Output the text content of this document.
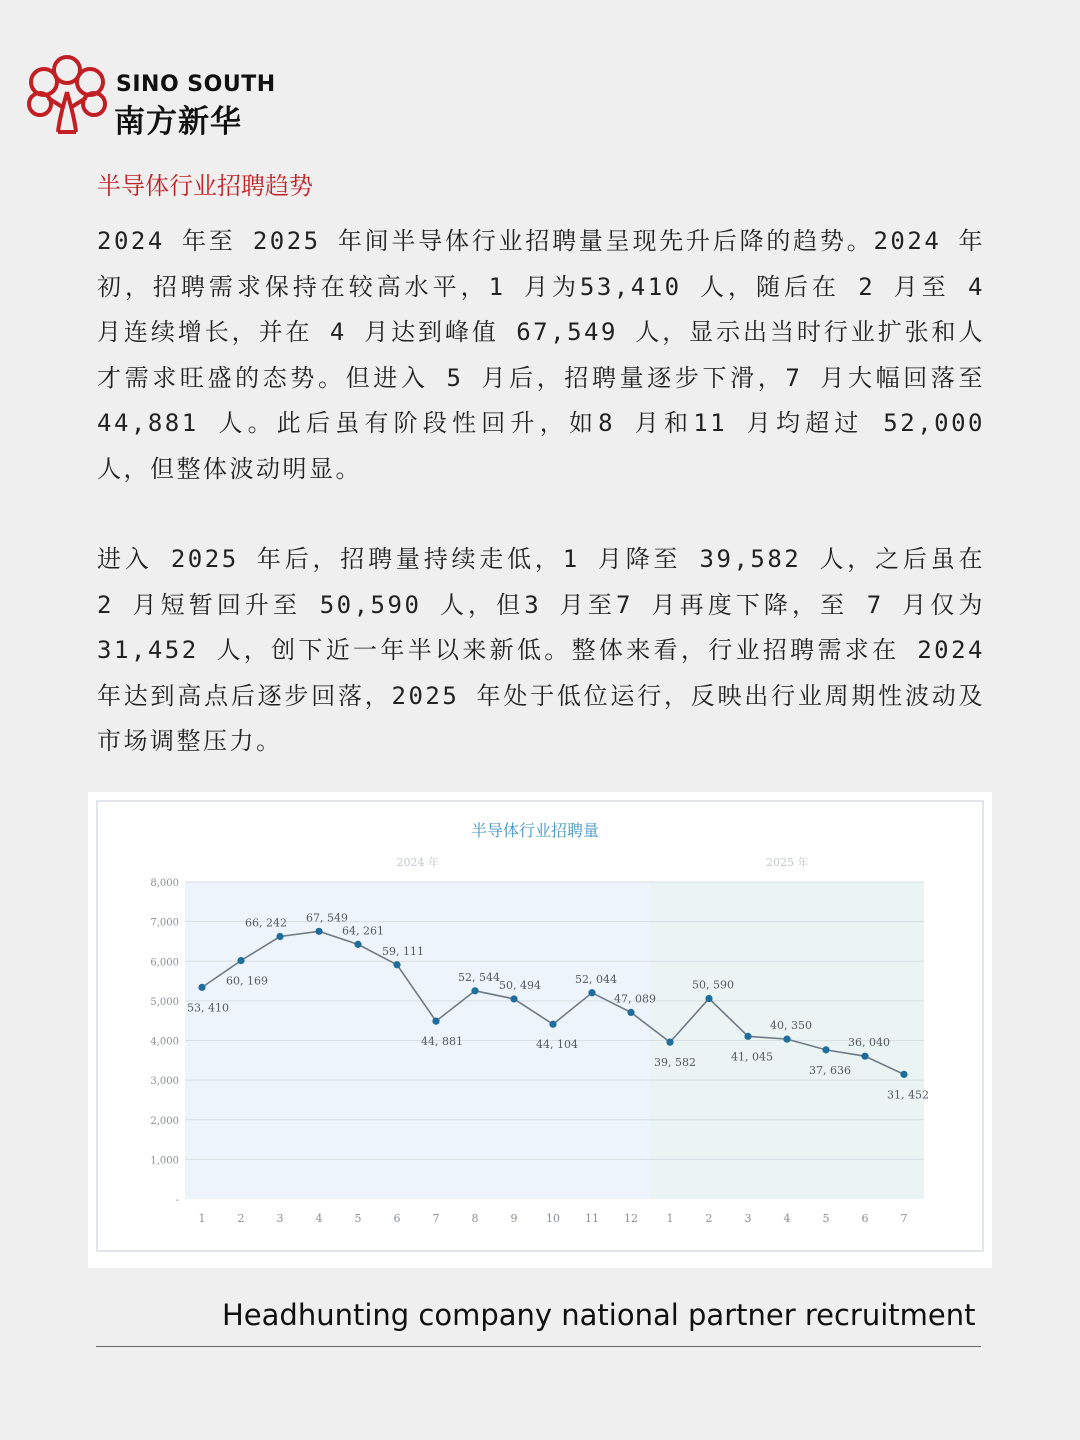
SINO SOUTH
南方新华
半导体行业招聘趋势

2024 年至 2025 年间半导体行业招聘量呈现先升后降的趋势。2024 年初，招聘需求保持在较高水平，1 月为53,410 人，随后在 2 月至 4 月连续增长，并在 4 月达到峰值 67,549 人，显示出当时行业扩张和人才需求旺盛的态势。但进入 5 月后，招聘量逐步下滑，7 月大幅回落至 44,881 人。此后虽有阶段性回升，如8 月和11 月均超过 52,000 人，但整体波动明显。

进入 2025 年后，招聘量持续走低，1 月降至 39,582 人，之后虽在 2 月短暂回升至 50,590 人，但3 月至7 月再度下降，至 7 月仅为 31,452 人，创下近一年半以来新低。整体来看，行业招聘需求在 2024 年达到高点后逐步回落，2025 年处于低位运行，反映出行业周期性波动及市场调整压力。

半导体行业招聘量
2024 年	2025 年
-
1,000
2,000
3,000
4,000
5,000
6,000
7,000
8,000
1	2	3	4	5	6	7	8	9	10 11 12	1	2	3	4	5	6	7
53, 410
60, 169
66, 242 67, 549
64, 261
59, 111
44, 881
52, 544
50, 494
44, 104
52, 044
47, 089
39, 582
50, 590
41, 045
40, 350
37, 636
36, 040
31, 452
Headhunting company national partner recruitment
